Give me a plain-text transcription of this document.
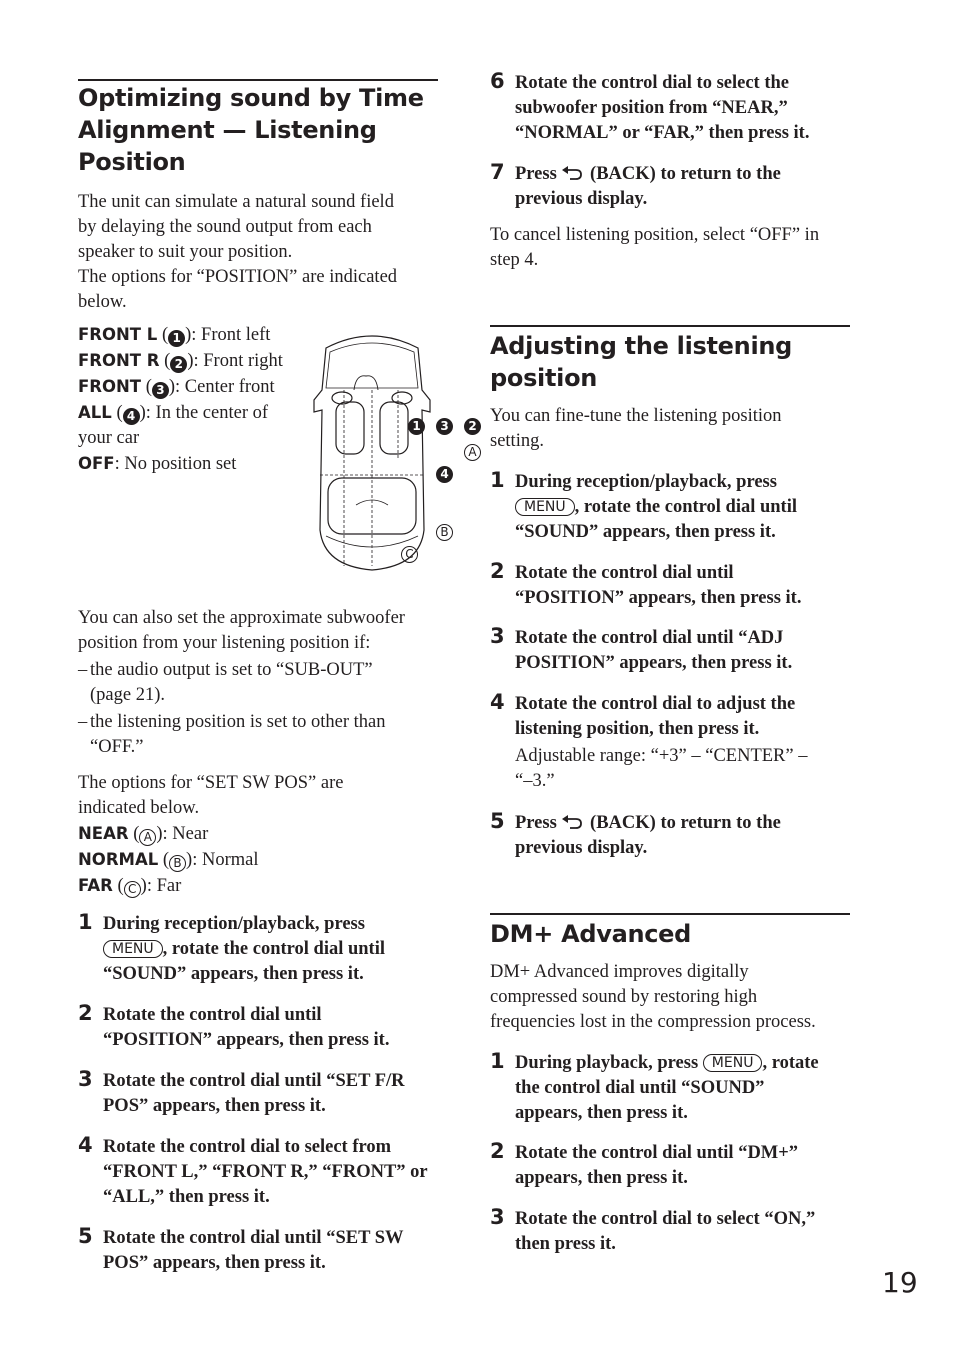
Optimizing sound by Time
Alignment — Listening
Position
The unit can simulate a natural sound field
by delaying the sound output from each
speaker to suit your position.
The options for “POSITION” are indicated
below.
FRONT L ( 1 ): Front left
FRONT R ( 2 ): Front right
FRONT ( 3 ): Center front
ALL ( 4 ): In the center of
your car
OFF: No position set
1	3	2
4
A
B
C
You can also set the approximate subwoofer
position from your listening position if:
– the audio output is set to “SUB-OUT”
(page 21).
– the listening position is set to other than
“OFF.”
The options for “SET SW POS” are
indicated below.
NEAR ( A ): Near
NORMAL ( B ): Normal
FAR ( C ): Far
1 During reception/playback, press
MENU , rotate the control dial until
“SOUND” appears, then press it.
2 Rotate the control dial until
“POSITION” appears, then press it.
3 Rotate the control dial until “SET F/R
POS” appears, then press it.
4 Rotate the control dial to select from
“FRONT L,” “FRONT R,” “FRONT” or
“ALL,” then press it.
5 Rotate the control dial until “SET SW
POS” appears, then press it.
6 Rotate the control dial to select the
subwoofer position from “NEAR,”
“NORMAL” or “FAR,” then press it.
7 Press (BACK) to return to the
previous display.
To cancel listening position, select “OFF” in
step 4.
Adjusting the listening
position
You can fine-tune the listening position
setting.
1 During reception/playback, press
MENU , rotate the control dial until
“SOUND” appears, then press it.
2 Rotate the control dial until
“POSITION” appears, then press it.
3 Rotate the control dial until “ADJ
POSITION” appears, then press it.
4 Rotate the control dial to adjust the
listening position, then press it.
Adjustable range: “+3” – “CENTER” –
“–3.”
5 Press (BACK) to return to the
previous display.
DM+ Advanced
DM+ Advanced improves digitally
compressed sound by restoring high
frequencies lost in the compression process.
1 During playback, press MENU , rotate
the control dial until “SOUND”
appears, then press it.
2 Rotate the control dial until “DM+”
appears, then press it.
3 Rotate the control dial to select “ON,”
then press it.
19
